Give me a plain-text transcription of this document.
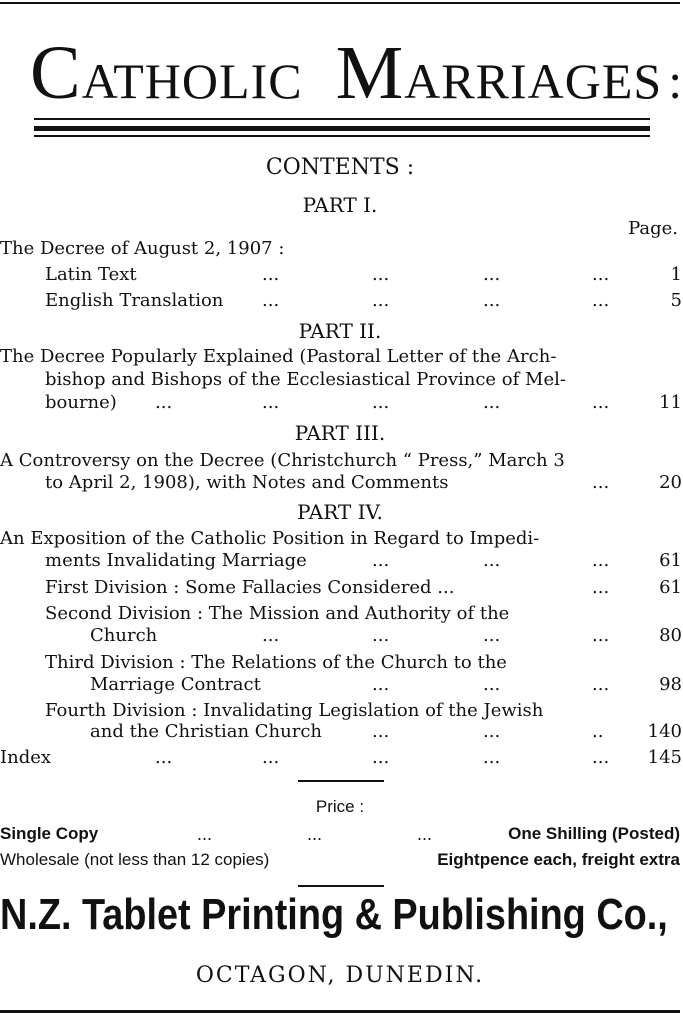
CATHOLIC MARRIAGES :
CONTENTS :
PART I.
Page.
The Decree of August 2, 1907 :
Latin Text	...	...	...	...	1
English Translation ...	...	...	...	5
PART II.
The Decree Popularly Explained (Pastoral Letter of the Arch-
bishop and Bishops of the Ecclesiastical Province of Mel-
bourne) ...	...	...	...	...	11
PART III.
A Controversy on the Decree (Christchurch “ Press,” March 3
to April 2, 1908), with Notes and Comments	...	20
PART IV.
An Exposition of the Catholic Position in Regard to Impedi-
ments Invalidating Marriage	...	...	...	61
First Division : Some Fallacies Considered ...	...	61
Second Division : The Mission and Authority of the
Church	...	...	...	...	80
Third Division : The Relations of the Church to the
Marriage Contract	...	...	...	98
Fourth Division : Invalidating Legislation of the Jewish
and the Christian Church	...	...	.. 140
Index	...	...	...	...	... 145
Price :
Single Copy	...	...	...	One Shilling (Posted)
Wholesale (not less than 12 copies)	Eightpence each, freight extra
N.Z. Tablet Printing & Publishing Co.,
OCTAGON, DUNEDIN.
